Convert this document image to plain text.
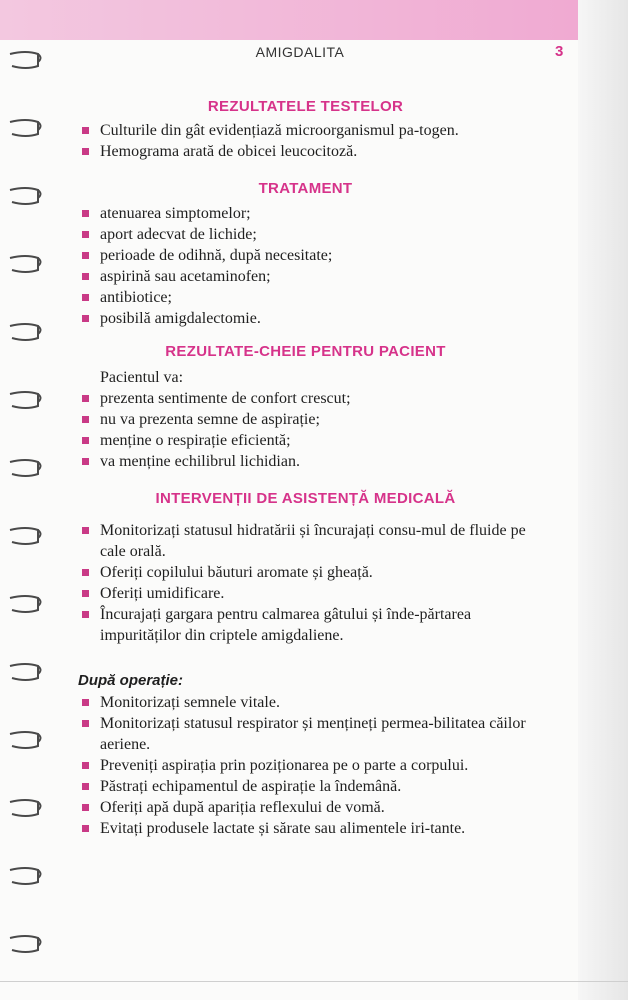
AMIGDALITA	3
REZULTATELE TESTELOR
Culturile din gât evidențiază microorganismul pa-togen.
Hemograma arată de obicei leucocitoză.
TRATAMENT
atenuarea simptomelor;
aport adecvat de lichide;
perioade de odihnă, după necesitate;
aspirină sau acetaminofen;
antibiotice;
posibilă amigdalectomie.
REZULTATE-CHEIE PENTRU PACIENT
Pacientul va:
prezenta sentimente de confort crescut;
nu va prezenta semne de aspirație;
menține o respirație eficientă;
va menține echilibrul lichidian.
INTERVENȚII DE ASISTENȚĂ MEDICALĂ
Monitorizați statusul hidratării și încurajați consu-mul de fluide pe cale orală.
Oferiți copilului băuturi aromate și gheață.
Oferiți umidificare.
Încurajați gargara pentru calmarea gâtului și înde-părtarea impurităților din criptele amigdaliene.
După operație:
Monitorizați semnele vitale.
Monitorizați statusul respirator și mențineți permea-bilitatea căilor aeriene.
Preveniți aspirația prin poziționarea pe o parte a corpului.
Păstrați echipamentul de aspirație la îndemână.
Oferiți apă după apariția reflexului de vomă.
Evitați produsele lactate și sărate sau alimentele iri-tante.
